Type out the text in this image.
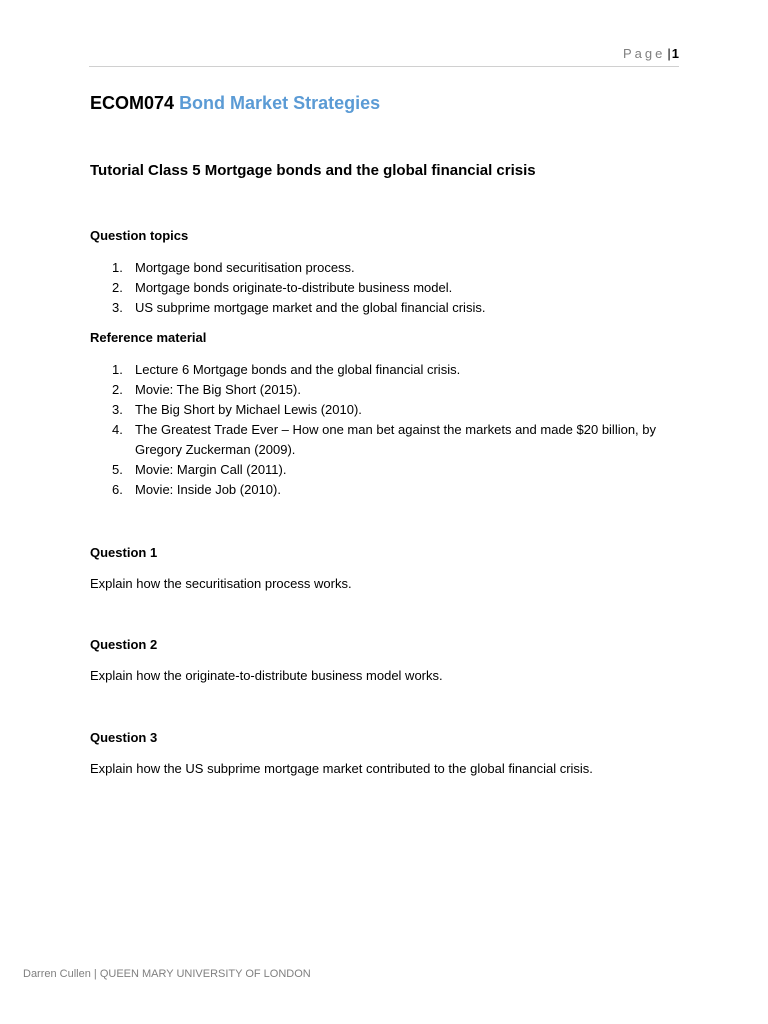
Page |1
ECOM074 Bond Market Strategies
Tutorial Class 5 Mortgage bonds and the global financial crisis
Question topics
1. Mortgage bond securitisation process.
2. Mortgage bonds originate-to-distribute business model.
3. US subprime mortgage market and the global financial crisis.
Reference material
1. Lecture 6 Mortgage bonds and the global financial crisis.
2. Movie: The Big Short (2015).
3. The Big Short by Michael Lewis (2010).
4. The Greatest Trade Ever – How one man bet against the markets and made $20 billion, by Gregory Zuckerman (2009).
5. Movie: Margin Call (2011).
6. Movie: Inside Job (2010).
Question 1
Explain how the securitisation process works.
Question 2
Explain how the originate-to-distribute business model works.
Question 3
Explain how the US subprime mortgage market contributed to the global financial crisis.
Darren Cullen | QUEEN MARY UNIVERSITY OF LONDON
